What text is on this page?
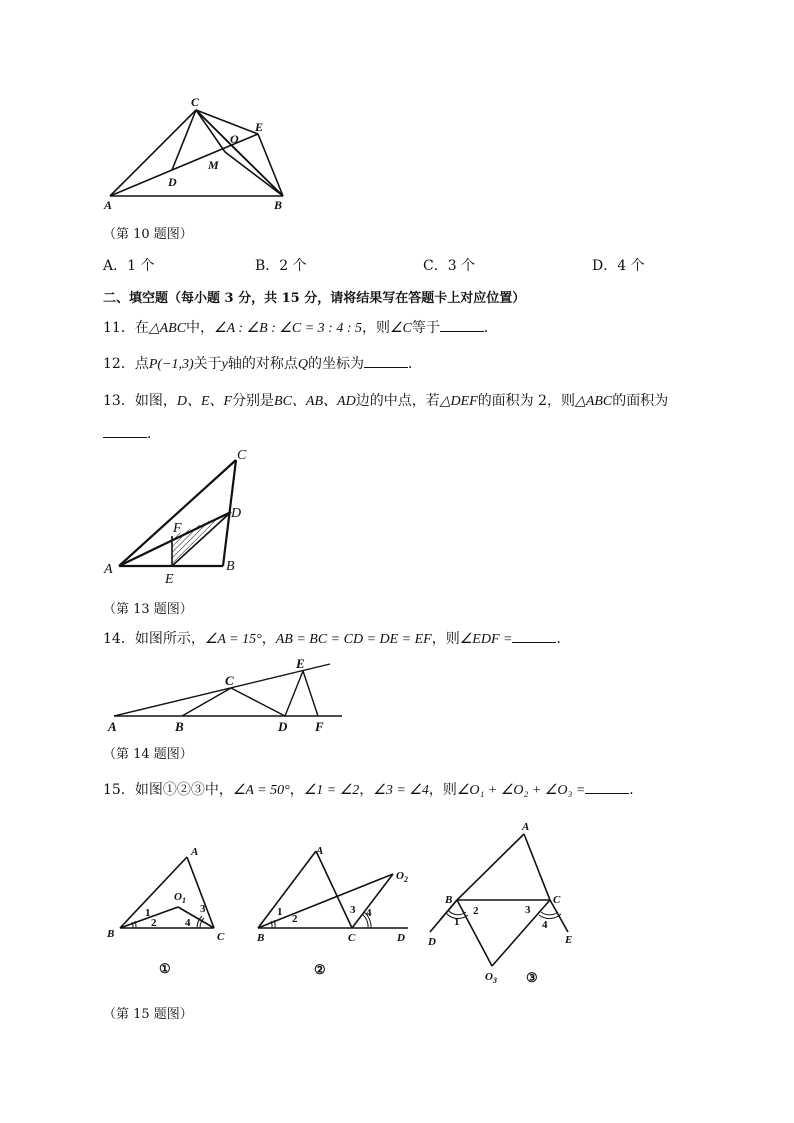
C
E
O
M
D
A	B
（第 10 题图）
A．1 个	B．2 个	C．3 个	D．4 个
二、填空题（每小题 3 分，共 15 分，请将结果写在答题卡上对应位置）
11．在△ABC中，∠A : ∠B : ∠C = 3 : 4 : 5，则∠C等于	．
12．点P(−1,3)关于y轴的对称点Q的坐标为	．
13．如图，D、E、F分别是BC、AB、AD边的中点，若△DEF的面积为 2，则△ABC的面积为
．
C
D
F
A
E
B
（第 13 题图）
14．如图所示，∠A = 15°，AB = BC = CD = DE = EF，则∠EDF =	．
A	B
C
D
E
F
（第 14 题图）
15．如图①②③中，∠A = 50°，∠1 = ∠2，∠3 = ∠4，则∠O₁ + ∠O₂ + ∠O₃ =	．
A
$O_1$
B	C
1
2
3
4
①
A
$O_2$
B	C	D
1
2
3 4
②
A
B	C
D	E
$O_3$
1
2	3
4
③
（第 15 题图）
